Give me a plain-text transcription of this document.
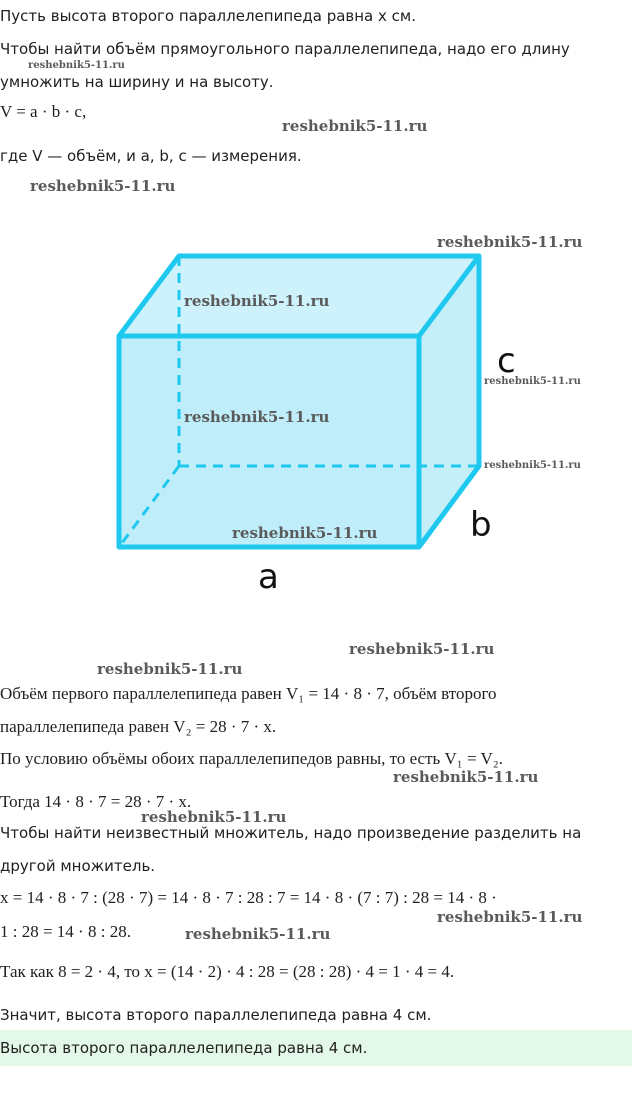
Пусть высота второго параллелепипеда равна x см.
Чтобы найти объём прямоугольного параллелепипеда, надо его длину
умножить на ширину и на высоту.
V = a · b · c,
где V — объём, и a, b, c — измерения.
a
b
c
Объём первого параллелепипеда равен V₁ = 14 · 8 · 7, объём второго
параллелепипеда равен V₂ = 28 · 7 · x.
По условию объёмы обоих параллелепипедов равны, то есть V₁ = V₂.
Тогда 14 · 8 · 7 = 28 · 7 · x.
Чтобы найти неизвестный множитель, надо произведение разделить на
другой множитель.
x = 14 · 8 · 7 : (28 · 7) = 14 · 8 · 7 : 28 : 7 = 14 · 8 · (7 : 7) : 28 = 14 · 8 ·
1 : 28 = 14 · 8 : 28.
Так как 8 = 2 · 4, то x = (14 · 2) · 4 : 28 = (28 : 28) · 4 = 1 · 4 = 4.
Значит, высота второго параллелепипеда равна 4 см.
Высота второго параллелепипеда равна 4 см.
reshebnik5-11.ru
reshebnik5-11.ru
reshebnik5-11.ru
reshebnik5-11.ru
reshebnik5-11.ru
reshebnik5-11.ru
reshebnik5-11.ru
reshebnik5-11.ru
reshebnik5-11.ru
reshebnik5-11.ru
reshebnik5-11.ru
reshebnik5-11.ru
reshebnik5-11.ru
reshebnik5-11.ru
reshebnik5-11.ru
